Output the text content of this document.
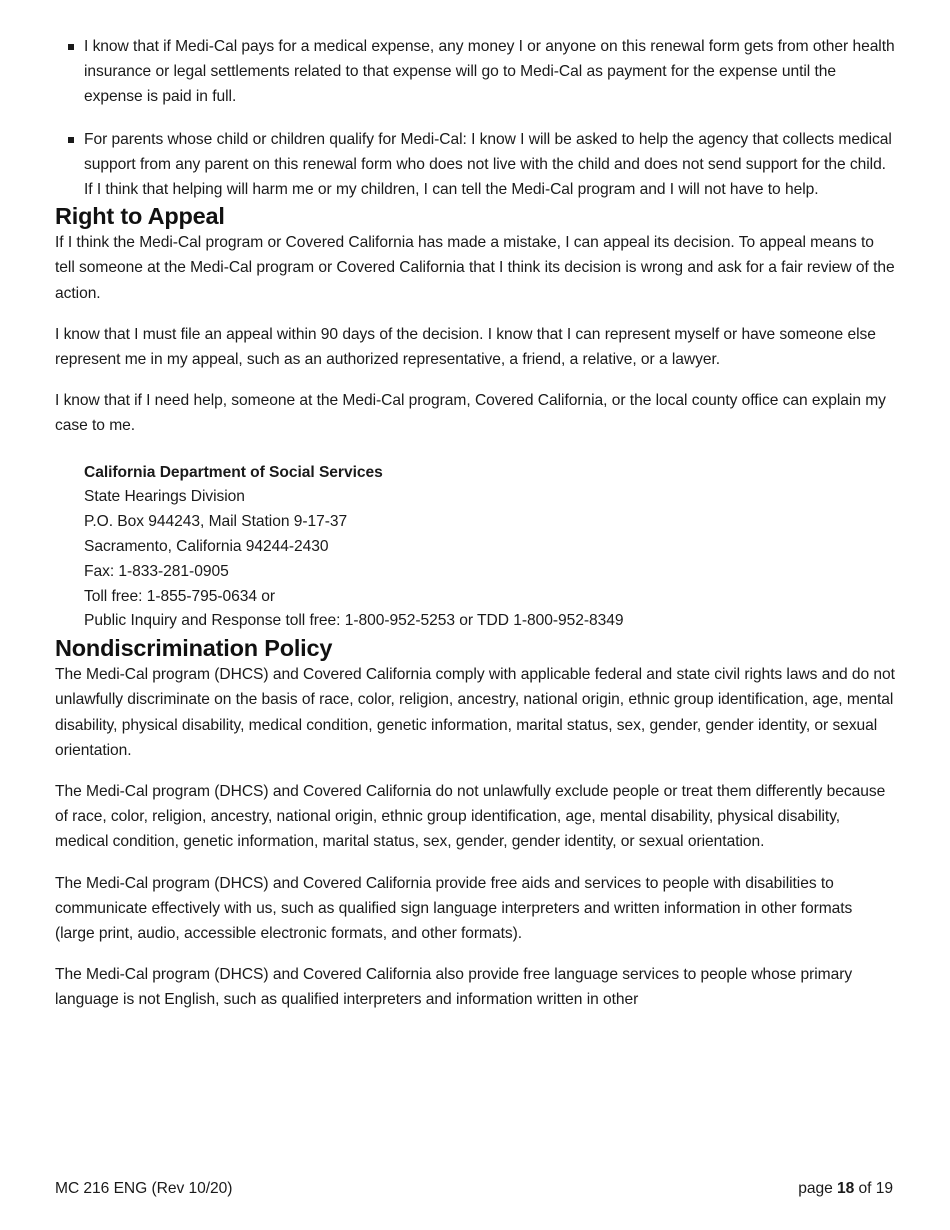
I know that if Medi-Cal pays for a medical expense, any money I or anyone on this renewal form gets from other health insurance or legal settlements related to that expense will go to Medi-Cal as payment for the expense until the expense is paid in full.
For parents whose child or children qualify for Medi-Cal: I know I will be asked to help the agency that collects medical support from any parent on this renewal form who does not live with the child and does not send support for the child. If I think that helping will harm me or my children, I can tell the Medi-Cal program and I will not have to help.
Right to Appeal

If I think the Medi-Cal program or Covered California has made a mistake, I can appeal its decision. To appeal means to tell someone at the Medi-Cal program or Covered California that I think its decision is wrong and ask for a fair review of the action.

I know that I must file an appeal within 90 days of the decision. I know that I can represent myself or have someone else represent me in my appeal, such as an authorized representative, a friend, a relative, or a lawyer.

I know that if I need help, someone at the Medi-Cal program, Covered California, or the local county office can explain my case to me.

California Department of Social Services
State Hearings Division
P.O. Box 944243, Mail Station 9-17-37
Sacramento, California 94244-2430
Fax: 1-833-281-0905
Toll free: 1-855-795-0634 or
Public Inquiry and Response toll free: 1-800-952-5253 or TDD 1-800-952-8349
Nondiscrimination Policy

The Medi-Cal program (DHCS) and Covered California comply with applicable federal and state civil rights laws and do not unlawfully discriminate on the basis of race, color, religion, ancestry, national origin, ethnic group identification, age, mental disability, physical disability, medical condition, genetic information, marital status, sex, gender, gender identity, or sexual orientation.

The Medi-Cal program (DHCS) and Covered California do not unlawfully exclude people or treat them differently because of race, color, religion, ancestry, national origin, ethnic group identification, age, mental disability, physical disability, medical condition, genetic information, marital status, sex, gender, gender identity, or sexual orientation.

The Medi-Cal program (DHCS) and Covered California provide free aids and services to people with disabilities to communicate effectively with us, such as qualified sign language interpreters and written information in other formats (large print, audio, accessible electronic formats, and other formats).

The Medi-Cal program (DHCS) and Covered California also provide free language services to people whose primary language is not English, such as qualified interpreters and information written in other

MC 216 ENG (Rev 10/20)	page 18 of 19
